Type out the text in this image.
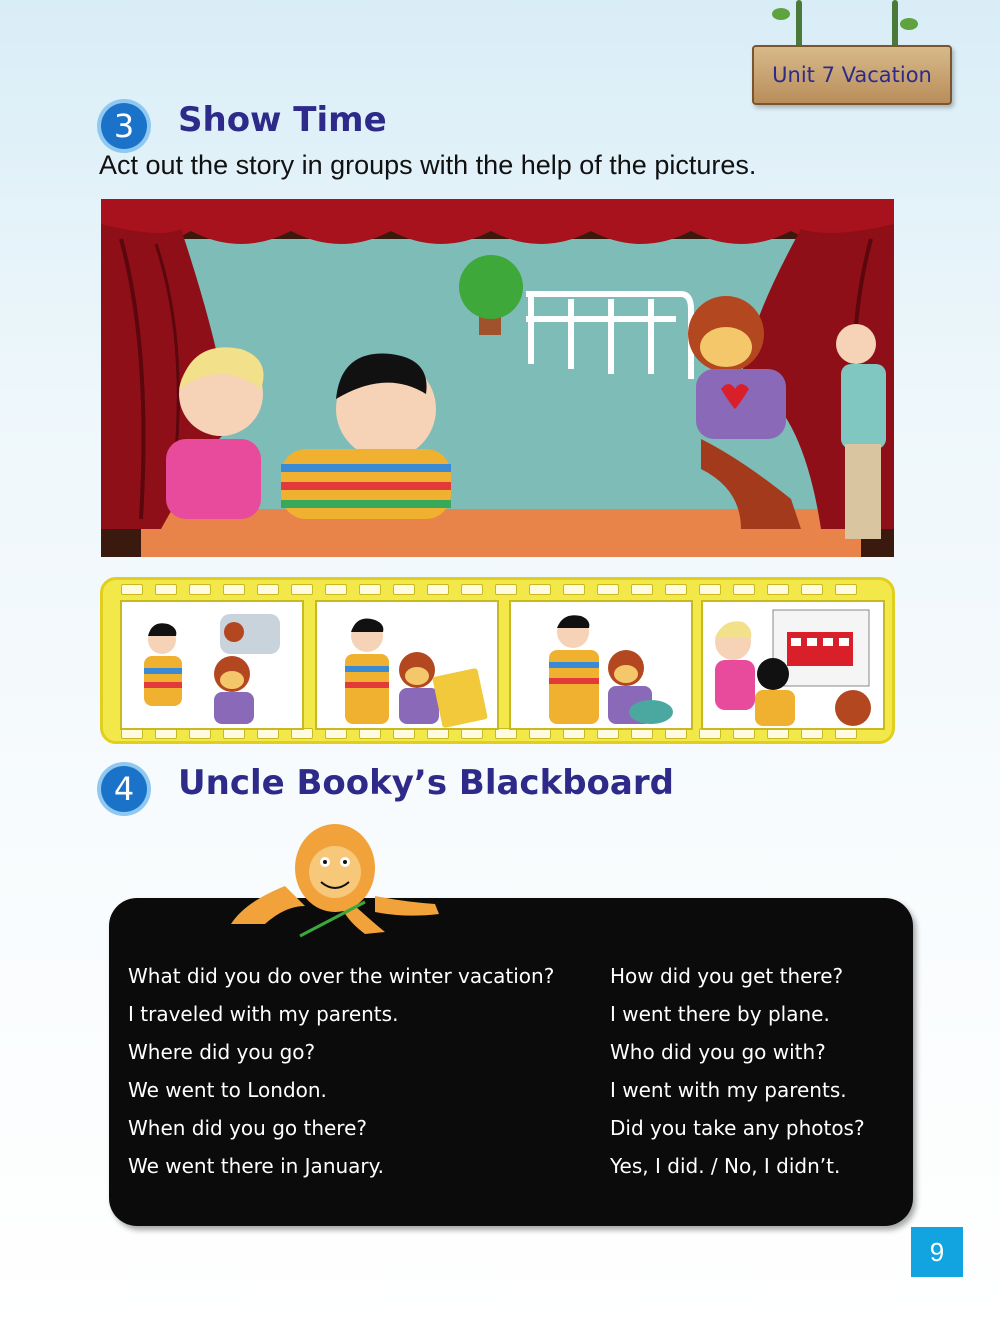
Unit 7 Vacation
3 Show Time
Act out the story in groups with the help of the pictures.
4 Uncle Booky’s Blackboard
What did you do over the winter vacation?
I traveled with my parents.
Where did you go?
We went to London.
When did you go there?
We went there in January.
How did you get there?
I went there by plane.
Who did you go with?
I went with my parents.
Did you take any photos?
Yes, I did. / No, I didn’t.
9
